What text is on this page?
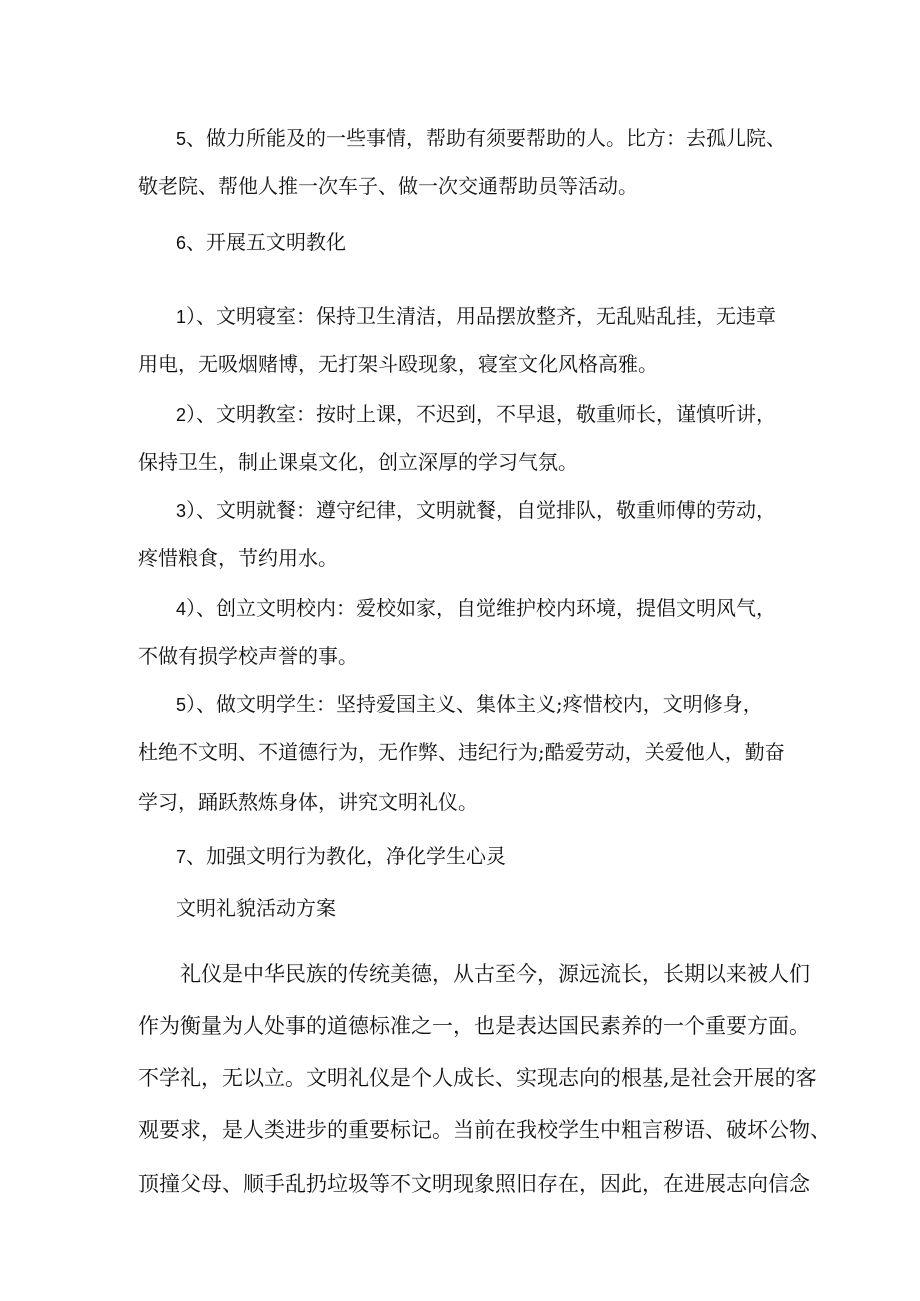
5、做力所能及的一些事情，帮助有须要帮助的人。比方：去孤儿院、
敬老院、帮他人推一次车子、做一次交通帮助员等活动。
6、开展五文明教化
1）、文明寝室：保持卫生清洁，用品摆放整齐，无乱贴乱挂，无违章
用电，无吸烟赌博，无打架斗殴现象，寝室文化风格高雅。
2）、文明教室：按时上课，不迟到，不早退，敬重师长，谨慎听讲，
保持卫生，制止课桌文化，创立深厚的学习气氛。
3）、文明就餐：遵守纪律，文明就餐，自觉排队，敬重师傅的劳动，
疼惜粮食，节约用水。
4）、创立文明校内：爱校如家，自觉维护校内环境，提倡文明风气，
不做有损学校声誉的事。
5）、做文明学生：坚持爱国主义、集体主义;疼惜校内，文明修身，
杜绝不文明、不道德行为，无作弊、违纪行为;酷爱劳动，关爱他人，勤奋
学习，踊跃熬炼身体，讲究文明礼仪。
7、加强文明行为教化，净化学生心灵
文明礼貌活动方案
礼仪是中华民族的传统美德，从古至今，源远流长，长期以来被人们
作为衡量为人处事的道德标准之一，也是表达国民素养的一个重要方面。
不学礼，无以立。文明礼仪是个人成长、实现志向的根基,是社会开展的客
观要求，是人类进步的重要标记。当前在我校学生中粗言秽语、破坏公物、
顶撞父母、顺手乱扔垃圾等不文明现象照旧存在，因此，在进展志向信念
